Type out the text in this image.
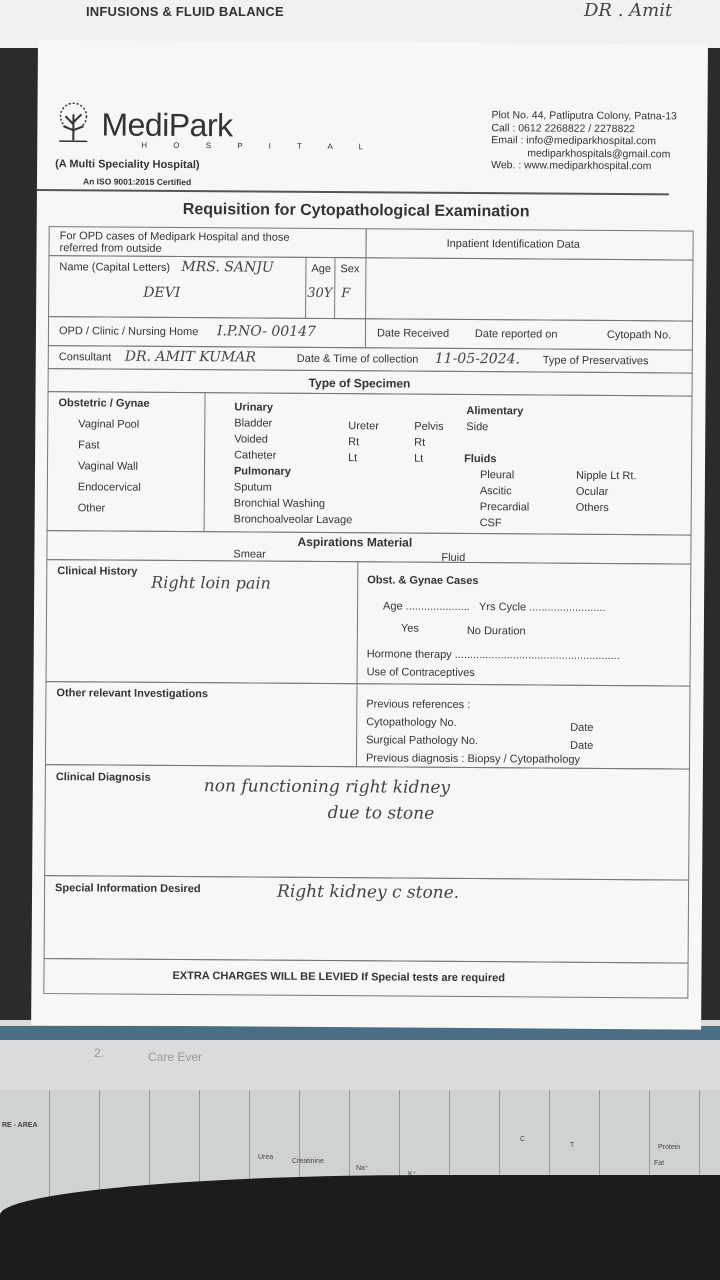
INFUSIONS & FLUID BALANCE	DR . Amit
2.	Care Ever
RE - AREA
Urea
Creatinine
Na⁺
C
T	Protein
Fat
MediPark
H O S P I T A L
(A Multi Speciality Hospital)
An ISO 9001:2015 Certified
Plot No. 44, Patliputra Colony, Patna-13
Call : 0612 2268822 / 2278822
Email : info@mediparkhospital.com
mediparkhospitals@gmail.com
Web. : www.mediparkhospital.com
Requisition for Cytopathological Examination
For OPD cases of Medipark Hospital and those
referred from outside	Inpatient Identification Data
Name (Capital Letters) MRS. SANJU
DEVI
Age Sex
30Y F
OPD / Clinic / Nursing Home I.P.NO- 00147	Date Received Date reported on	Cytopath No.
Consultant DR. AMIT KUMAR	Date & Time of collection 11-05-2024. Type of Preservatives
Type of Specimen
Obstetric / Gynae
Vaginal Pool
Fast
Vaginal Wall
Endocervical
Other
Urinary
Bladder
Voided
Catheter
Ureter
Rt
Lt
Pelvis
Rt
Lt
Pulmonary
Sputum
Bronchial Washing
Bronchoalveolar Lavage
Alimentary
Side
Fluids
Pleural
Ascitic
Precardial
CSF
Nipple Lt Rt.
Ocular
Others
Aspirations Material
Smear	Fluid
Clinical History
Right loin pain	Obst. & Gynae Cases
Age ..................... Yrs Cycle .........................
Yes	No Duration
Hormone therapy ......................................................
Use of Contraceptives
Other relevant Investigations
Previous references :
Cytopathology No.	Date
Surgical Pathology No.	Date
Previous diagnosis : Biopsy / Cytopathology
Clinical Diagnosis	non functioning right kidney
due to stone
Special Information Desired	Right kidney c stone.
EXTRA CHARGES WILL BE LEVIED If Special tests are required
